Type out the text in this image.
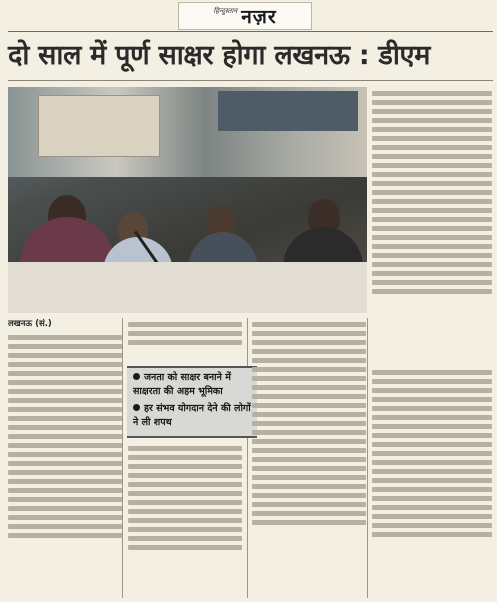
हिन्दुस्तान नज़र
दो साल में पूर्ण साक्षर होगा लखनऊ : डीएम

लखनऊ (सं.)

जनता को साक्षर बनाने में साक्षरता की अहम भूमिका
हर संभव योगदान देने की लोगों ने ली शपथ
